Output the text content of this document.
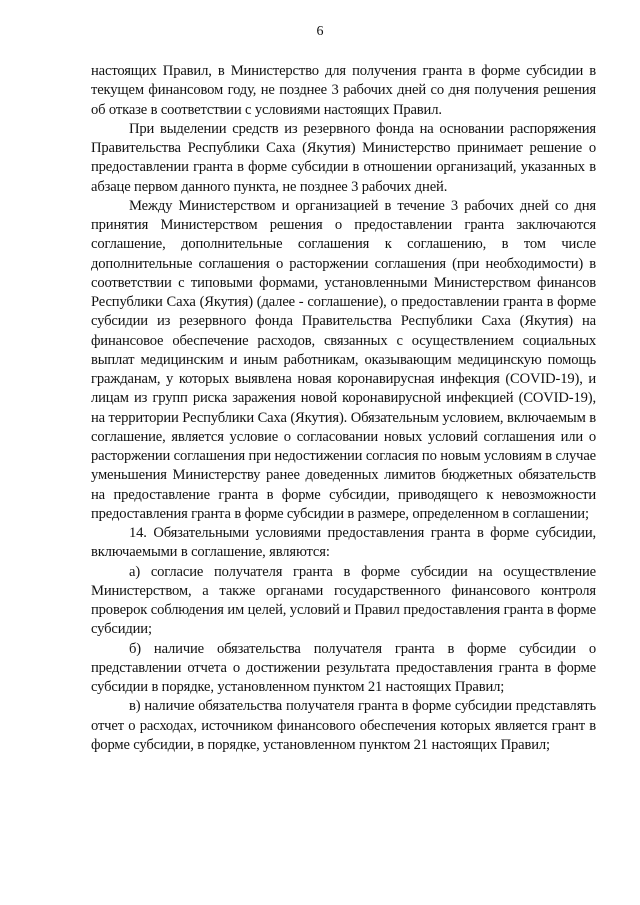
6

настоящих Правил, в Министерство для получения гранта в форме субсидии в текущем финансовом году, не позднее 3 рабочих дней со дня получения решения об отказе в соответствии с условиями настоящих Правил.

При выделении средств из резервного фонда на основании распоряжения Правительства Республики Саха (Якутия) Министерство принимает решение о предоставлении гранта в форме субсидии в отношении организаций, указанных в абзаце первом данного пункта, не позднее 3 рабочих дней.

Между Министерством и организацией в течение 3 рабочих дней со дня принятия Министерством решения о предоставлении гранта заключаются соглашение, дополнительные соглашения к соглашению, в том числе дополнительные соглашения о расторжении соглашения (при необходимости) в соответствии с типовыми формами, установленными Министерством финансов Республики Саха (Якутия) (далее - соглашение), о предоставлении гранта в форме субсидии из резервного фонда Правительства Республики Саха (Якутия) на финансовое обеспечение расходов, связанных с осуществлением социальных выплат медицинским и иным работникам, оказывающим медицинскую помощь гражданам, у которых выявлена новая коронавирусная инфекция (COVID-19), и лицам из групп риска заражения новой коронавирусной инфекцией (COVID-19), на территории Республики Саха (Якутия). Обязательным условием, включаемым в соглашение, является условие о согласовании новых условий соглашения или о расторжении соглашения при недостижении согласия по новым условиям в случае уменьшения Министерству ранее доведенных лимитов бюджетных обязательств на предоставление гранта в форме субсидии, приводящего к невозможности предоставления гранта в форме субсидии в размере, определенном в соглашении;

14. Обязательными условиями предоставления гранта в форме субсидии, включаемыми в соглашение, являются:

а) согласие получателя гранта в форме субсидии на осуществление Министерством, а также органами государственного финансового контроля проверок соблюдения им целей, условий и Правил предоставления гранта в форме субсидии;

б) наличие обязательства получателя гранта в форме субсидии о представлении отчета о достижении результата предоставления гранта в форме субсидии в порядке, установленном пунктом 21 настоящих Правил;

в) наличие обязательства получателя гранта в форме субсидии представлять отчет о расходах, источником финансового обеспечения которых является грант в форме субсидии, в порядке, установленном пунктом 21 настоящих Правил;
